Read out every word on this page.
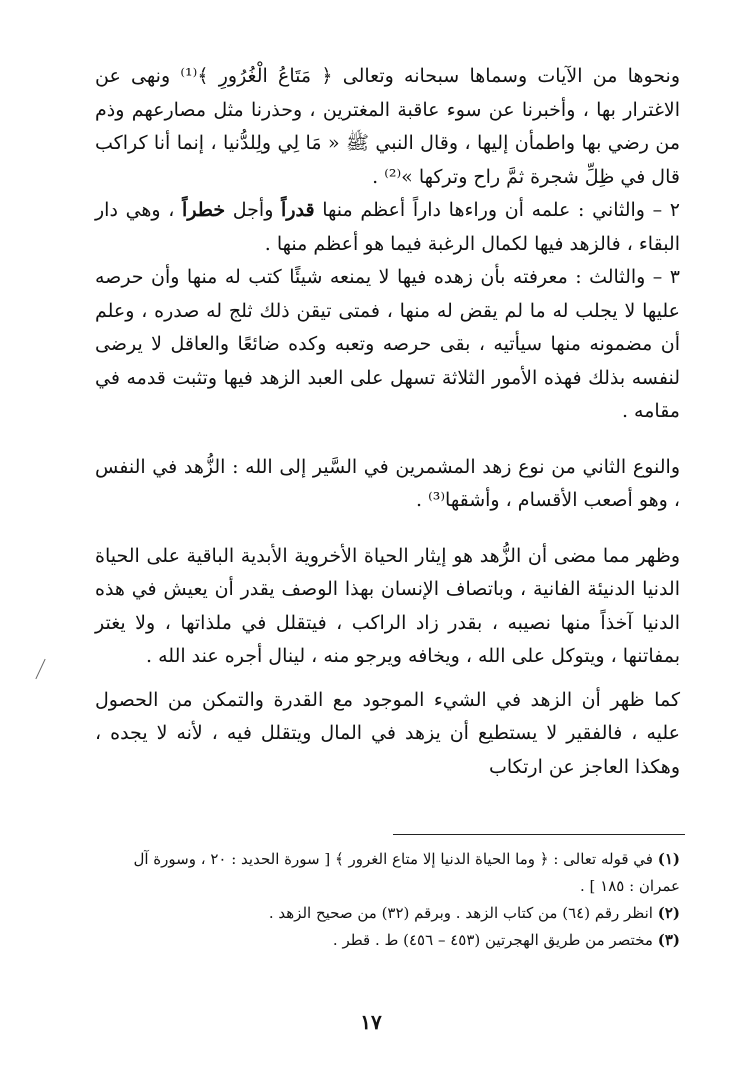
ونحوها من الآيات وسماها سبحانه وتعالى ﴿ مَتَاعُ الْغُرُورِ ﴾⁽¹⁾ ونهى عن الاغترار بها ، وأخبرنا عن سوء عاقبة المغترين ، وحذرنا مثل مصارعهم وذم من رضي بها واطمأن إليها ، وقال النبي ﷺ « مَا لِي ولِلدُّنيا ، إنما أنا كراكب قال في ظِلِّ شجرة ثمَّ راح وتركها »⁽²⁾ .

٢ – والثاني : علمه أن وراءها داراً أعظم منها قدراً وأجل خطراً ، وهي دار البقاء ، فالزهد فيها لكمال الرغبة فيما هو أعظم منها .

٣ – والثالث : معرفته بأن زهده فيها لا يمنعه شيئًا كتب له منها وأن حرصه عليها لا يجلب له ما لم يقض له منها ، فمتى تيقن ذلك ثلج له صدره ، وعلم أن مضمونه منها سيأتيه ، بقى حرصه وتعبه وكده ضائعًا والعاقل لا يرضى لنفسه بذلك فهذه الأمور الثلاثة تسهل على العبد الزهد فيها وتثبت قدمه في مقامه .

والنوع الثاني من نوع زهد المشمرين في السَّير إلى الله : الزُّهد في النفس ، وهو أصعب الأقسام ، وأشقها⁽³⁾ .

وظهر مما مضى أن الزُّهد هو إيثار الحياة الأخروية الأبدية الباقية على الحياة الدنيا الدنيئة الفانية ، وباتصاف الإنسان بهذا الوصف يقدر أن يعيش في هذه الدنيا آخذاً منها نصيبه ، بقدر زاد الراكب ، فيتقلل في ملذاتها ، ولا يغتر بمفاتنها ، ويتوكل على الله ، ويخافه ويرجو منه ، لينال أجره عند الله .

كما ظهر أن الزهد في الشيء الموجود مع القدرة والتمكن من الحصول عليه ، فالفقير لا يستطيع أن يزهد في المال ويتقلل فيه ، لأنه لا يجده ، وهكذا العاجز عن ارتكاب

(١) في قوله تعالى : ﴿ وما الحياة الدنيا إلا متاع الغرور ﴾ [ سورة الحديد : ٢٠ ، وسورة آل عمران : ١٨٥ ] .

(٢) انظر رقم (٦٤) من كتاب الزهد . وبرقم (٣٢) من صحيح الزهد .

(٣) مختصر من طريق الهجرتين (٤٥٣ – ٤٥٦) ط . قطر .

١٧
